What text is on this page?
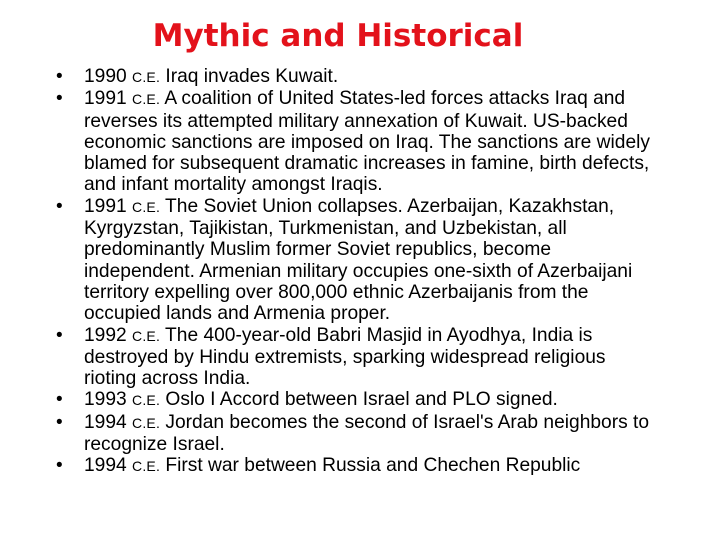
Mythic and Historical
• 1990 C.E. Iraq invades Kuwait.
• 1991 C.E. A coalition of United States-led forces attacks Iraq and reverses its attempted military annexation of Kuwait. US-backed economic sanctions are imposed on Iraq. The sanctions are widely blamed for subsequent dramatic increases in famine, birth defects, and infant mortality amongst Iraqis.
• 1991 C.E. The Soviet Union collapses. Azerbaijan, Kazakhstan, Kyrgyzstan, Tajikistan, Turkmenistan, and Uzbekistan, all predominantly Muslim former Soviet republics, become independent. Armenian military occupies one-sixth of Azerbaijani territory expelling over 800,000 ethnic Azerbaijanis from the occupied lands and Armenia proper.
• 1992 C.E. The 400-year-old Babri Masjid in Ayodhya, India is destroyed by Hindu extremists, sparking widespread religious rioting across India.
• 1993 C.E. Oslo I Accord between Israel and PLO signed.
• 1994 C.E. Jordan becomes the second of Israel's Arab neighbors to recognize Israel.
• 1994 C.E. First war between Russia and Chechen Republic
